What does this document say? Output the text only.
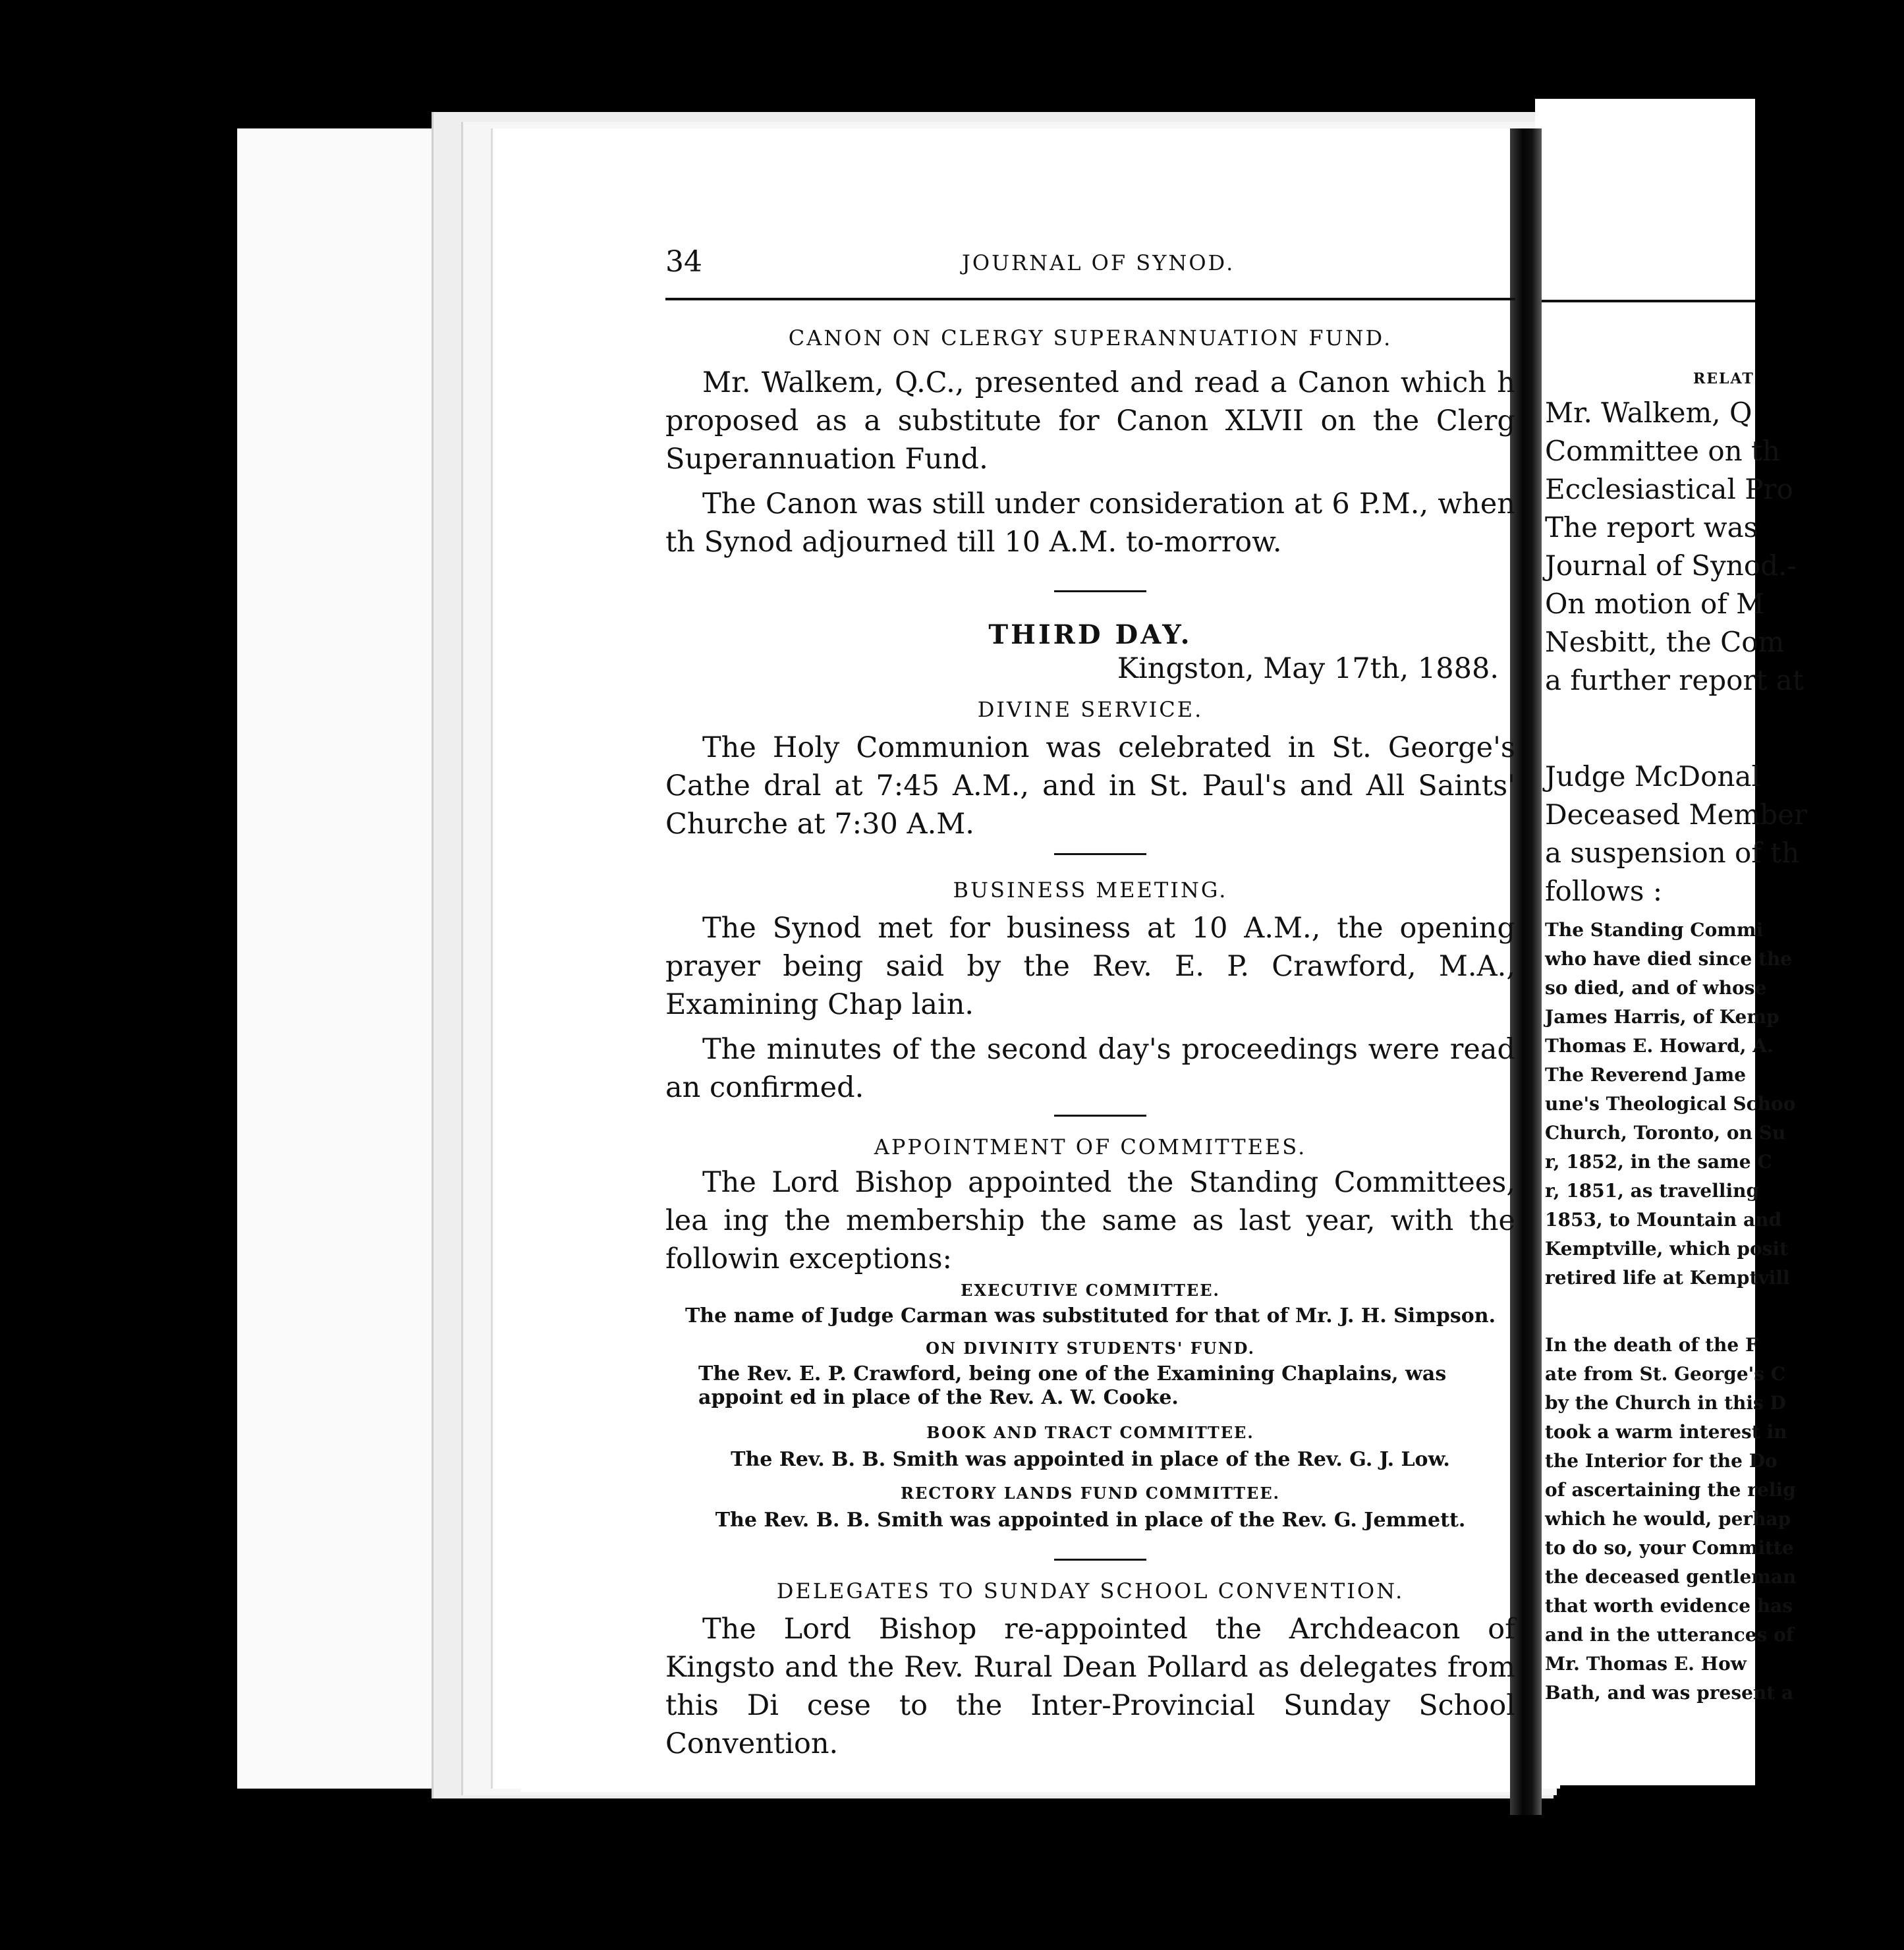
34	JOURNAL OF SYNOD.
CANON ON CLERGY SUPERANNUATION FUND.

Mr. Walkem, Q.C., presented and read a Canon which h proposed as a substitute for Canon XLVII on the Clerg Superannuation Fund.

The Canon was still under consideration at 6 P.M., when th Synod adjourned till 10 A.M. to-morrow.

THIRD DAY.
Kingston, May 17th, 1888.
DIVINE SERVICE.

The Holy Communion was celebrated in St. George's Cathe dral at 7:45 A.M., and in St. Paul's and All Saints' Churche at 7:30 A.M.

BUSINESS MEETING.

The Synod met for business at 10 A.M., the opening prayer being said by the Rev. E. P. Crawford, M.A., Examining Chap lain.

The minutes of the second day's proceedings were read an confirmed.

APPOINTMENT OF COMMITTEES.

The Lord Bishop appointed the Standing Committees, lea ing the membership the same as last year, with the followin exceptions:

EXECUTIVE COMMITTEE.

The name of Judge Carman was substituted for that of Mr. J. H. Simpson.

ON DIVINITY STUDENTS' FUND.

The Rev. E. P. Crawford, being one of the Examining Chaplains, was appoint ed in place of the Rev. A. W. Cooke.

BOOK AND TRACT COMMITTEE.

The Rev. B. B. Smith was appointed in place of the Rev. G. J. Low.

RECTORY LANDS FUND COMMITTEE.

The Rev. B. B. Smith was appointed in place of the Rev. G. Jemmett.

DELEGATES TO SUNDAY SCHOOL CONVENTION.

The Lord Bishop re-appointed the Archdeacon of Kingsto and the Rev. Rural Dean Pollard as delegates from this Di cese to the Inter-Provincial Sunday School Convention.

RELAT
Mr. Walkem, Q
Committee on th
Ecclesiastical Pro
The report was
Journal of Synod.-
On motion of M
Nesbitt, the Com
a further report at
Judge McDonal
Deceased Member
a suspension of th
follows :
The Standing Commi
who have died since the
so died, and of whose
James Harris, of Kemp
Thomas E. Howard, A.
The Reverend Jame
une's Theological Schoo
Church, Toronto, on Su
r, 1852, in the same C
r, 1851, as travelling
1853, to Mountain and
Kemptville, which posit
retired life at Kemptvill
In the death of the F
ate from St. George's C
by the Church in this D
took a warm interest in
the Interior for the Do
of ascertaining the relig
which he would, perhap
to do so, your Committe
the deceased gentleman
that worth evidence has
and in the utterances of
Mr. Thomas E. How
Bath, and was present a
